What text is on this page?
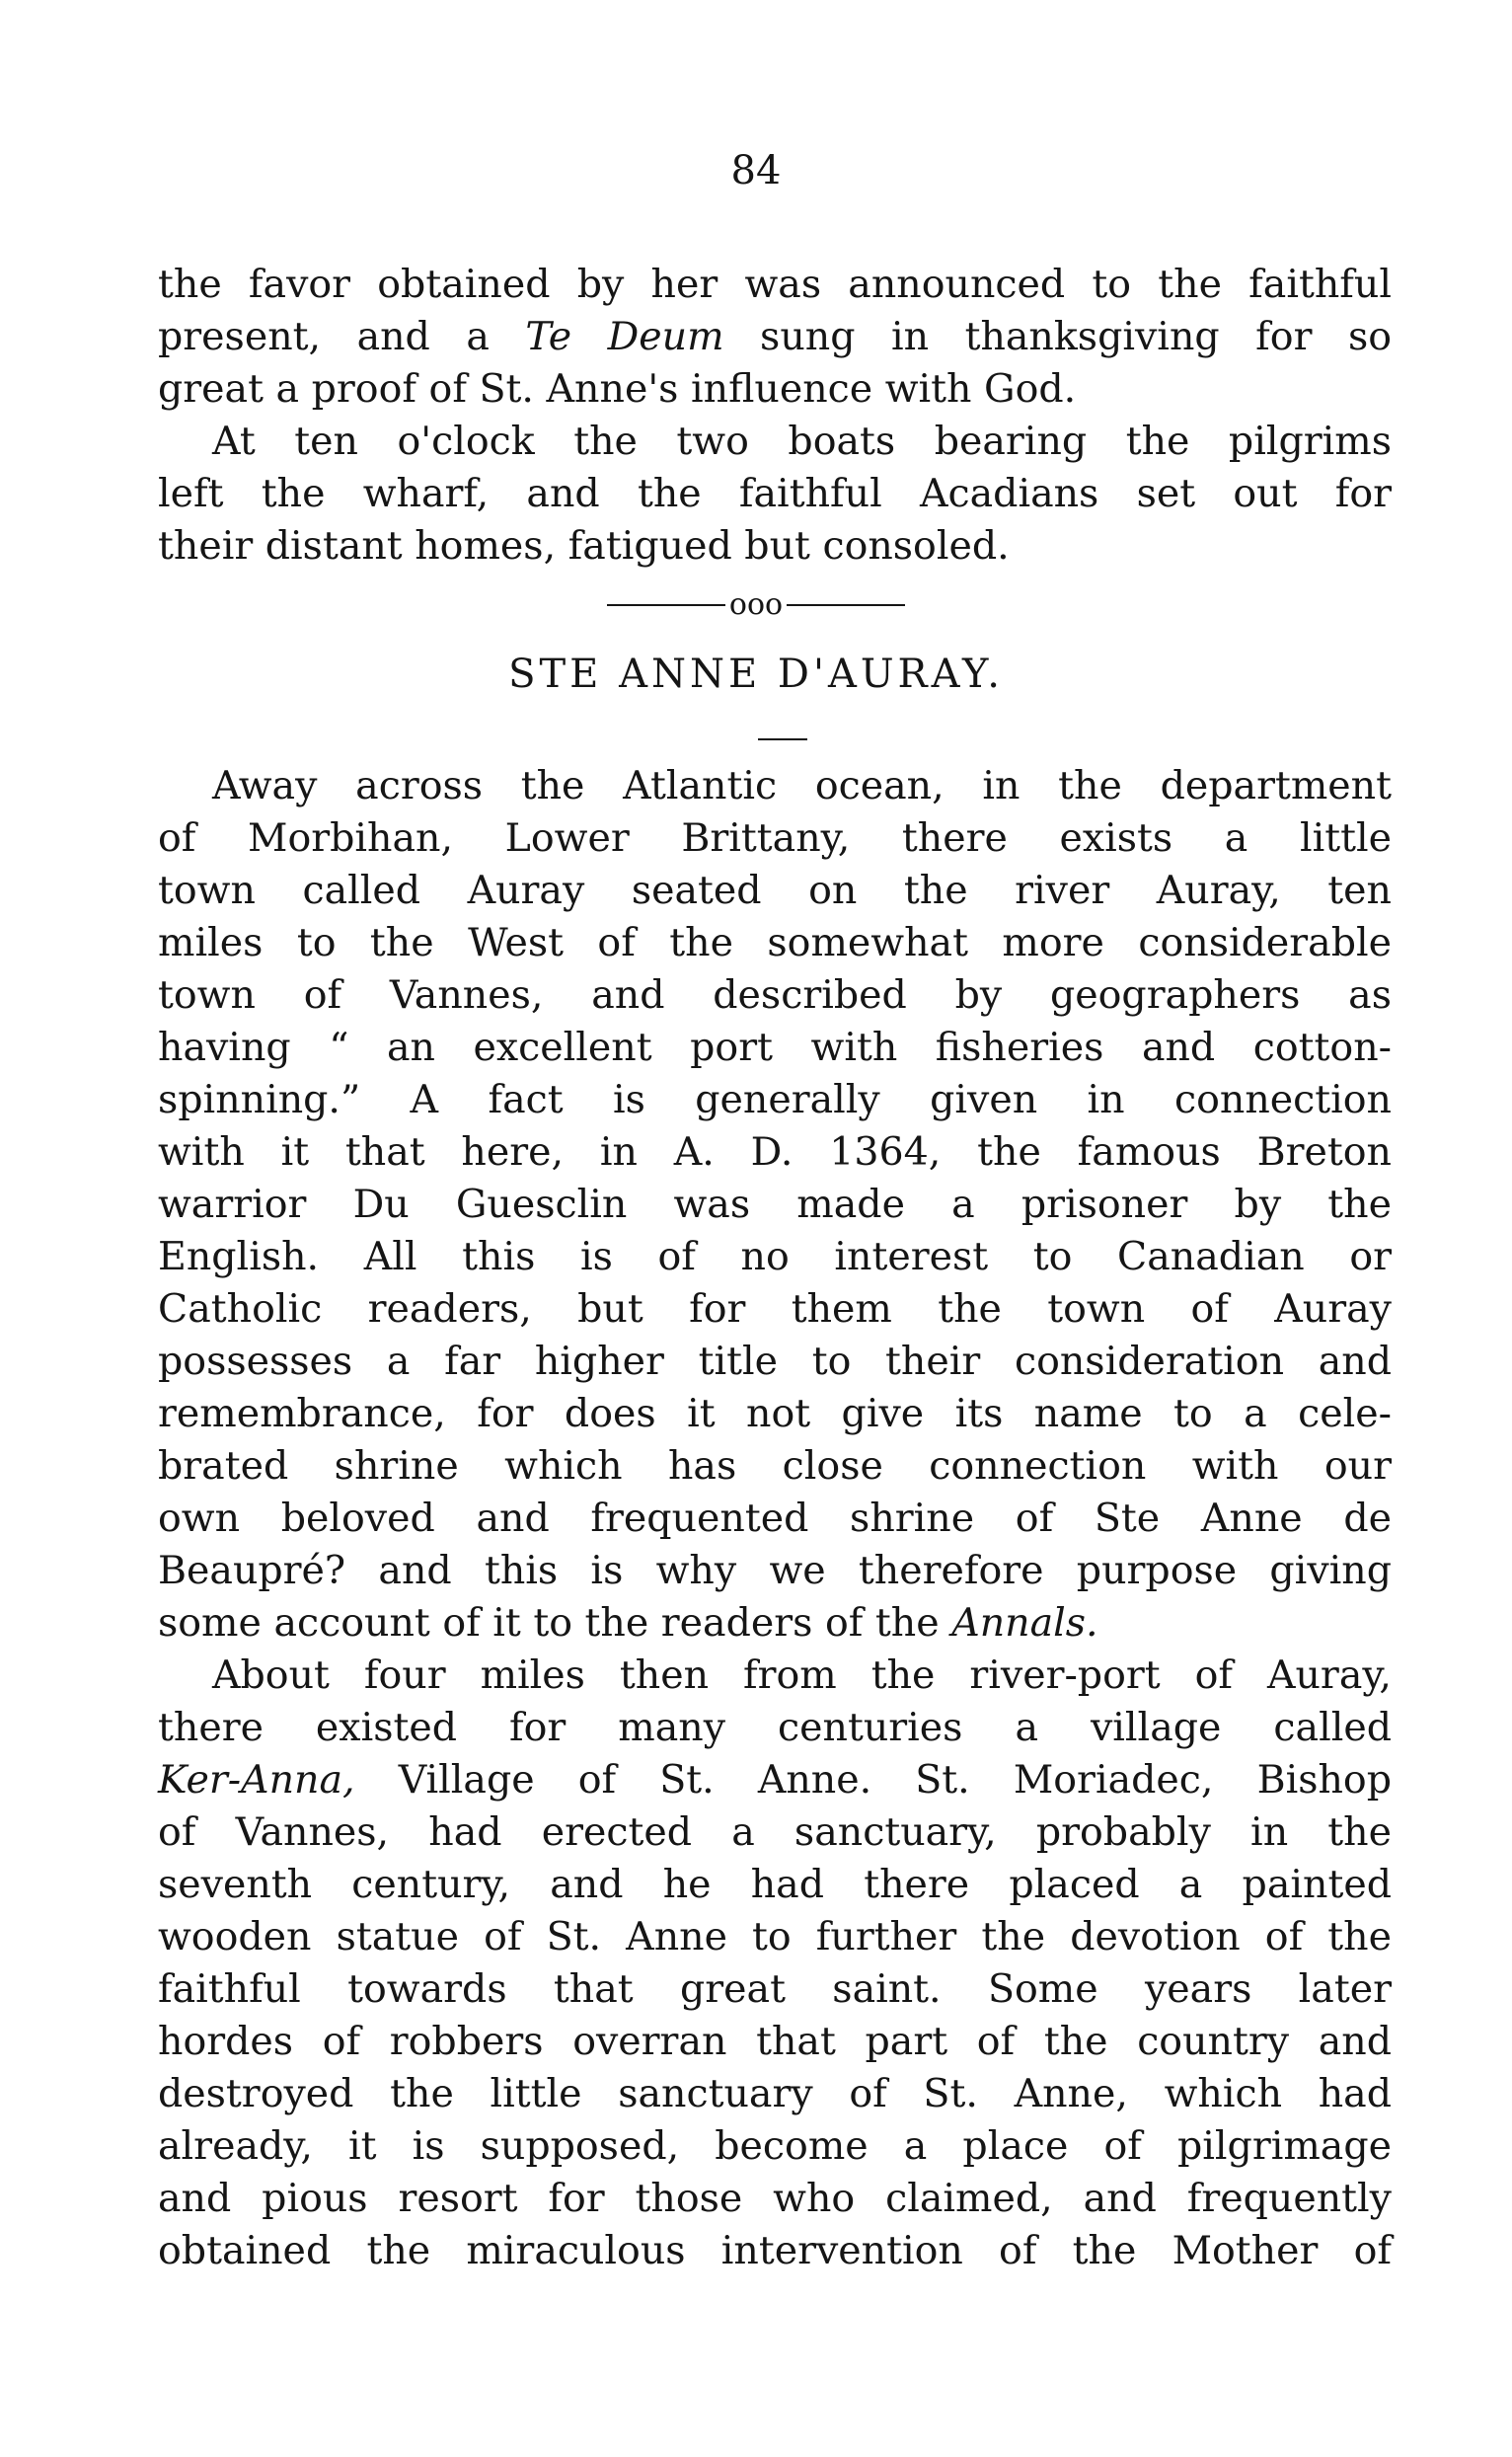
84
the favor obtained by her was announced to the faithful
present, and a Te Deum sung in thanksgiving for so
great a proof of St. Anne's influence with God.
At ten o'clock the two boats bearing the pilgrims
left the wharf, and the faithful Acadians set out for
their distant homes, fatigued but consoled.
ooo
STE ANNE D'AURAY.
Away across the Atlantic ocean, in the department
of Morbihan, Lower Brittany, there exists a little
town called Auray seated on the river Auray, ten
miles to the West of the somewhat more considerable
town of Vannes, and described by geographers as
having “ an excellent port with fisheries and cotton-
spinning.” A fact is generally given in connection
with it that here, in A. D. 1364, the famous Breton
warrior Du Guesclin was made a prisoner by the
English. All this is of no interest to Canadian or
Catholic readers, but for them the town of Auray
possesses a far higher title to their consideration and
remembrance, for does it not give its name to a cele-
brated shrine which has close connection with our
own beloved and frequented shrine of Ste Anne de
Beaupré? and this is why we therefore purpose giving
some account of it to the readers of the Annals.
About four miles then from the river-port of Auray,
there existed for many centuries a village called
Ker-Anna, Village of St. Anne. St. Moriadec, Bishop
of Vannes, had erected a sanctuary, probably in the
seventh century, and he had there placed a painted
wooden statue of St. Anne to further the devotion of the
faithful towards that great saint. Some years later
hordes of robbers overran that part of the country and
destroyed the little sanctuary of St. Anne, which had
already, it is supposed, become a place of pilgrimage
and pious resort for those who claimed, and frequently
obtained the miraculous intervention of the Mother of
